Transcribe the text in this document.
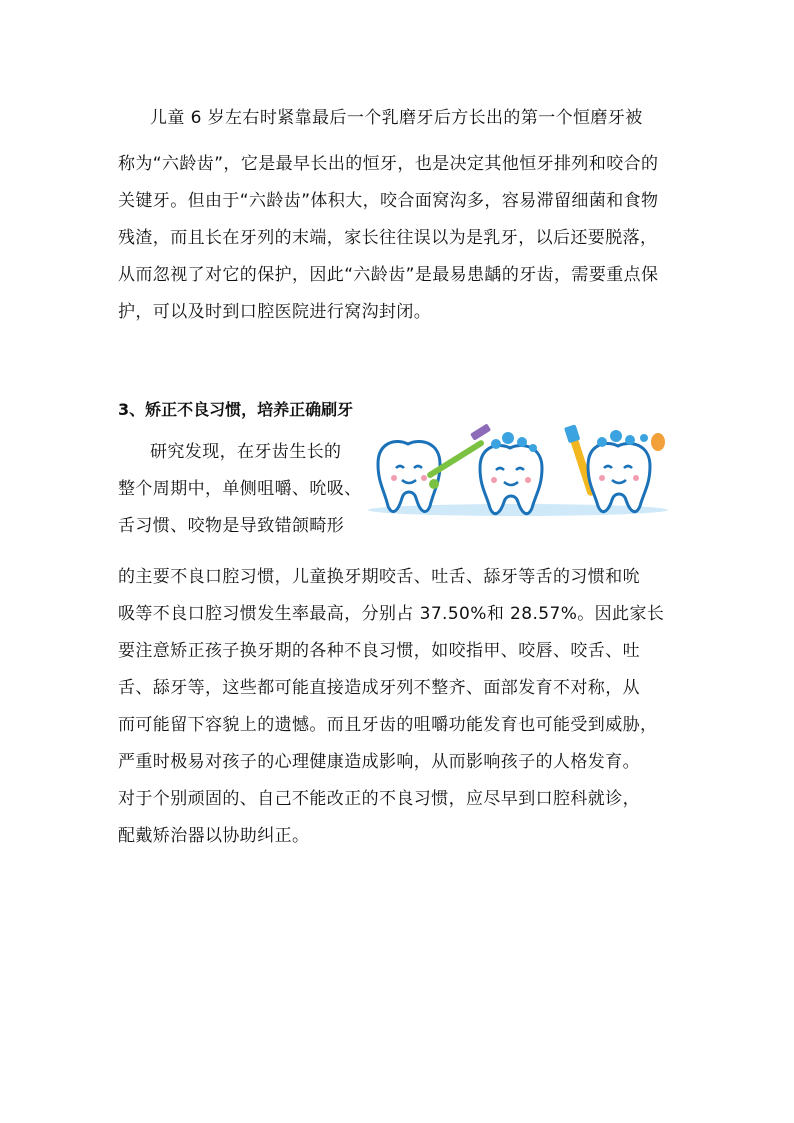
儿童 6 岁左右时紧靠最后一个乳磨牙后方长出的第一个恒磨牙被
称为“六龄齿”，它是最早长出的恒牙，也是决定其他恒牙排列和咬合的
关键牙。但由于“六龄齿”体积大，咬合面窝沟多，容易滞留细菌和食物
残渣，而且长在牙列的末端，家长往往误以为是乳牙，以后还要脱落，
从而忽视了对它的保护，因此“六龄齿”是最易患龋的牙齿，需要重点保
护，可以及时到口腔医院进行窝沟封闭。
3、矫正不良习惯，培养正确刷牙
研究发现，在牙齿生长的
整个周期中，单侧咀嚼、吮吸、
舌习惯、咬物是导致错颌畸形
的主要不良口腔习惯，儿童换牙期咬舌、吐舌、舔牙等舌的习惯和吮
吸等不良口腔习惯发生率最高，分别占 37.50%和 28.57%。因此家长
要注意矫正孩子换牙期的各种不良习惯，如咬指甲、咬唇、咬舌、吐
舌、舔牙等，这些都可能直接造成牙列不整齐、面部发育不对称，从
而可能留下容貌上的遗憾。而且牙齿的咀嚼功能发育也可能受到威胁，
严重时极易对孩子的心理健康造成影响，从而影响孩子的人格发育。
对于个别顽固的、自己不能改正的不良习惯，应尽早到口腔科就诊，
配戴矫治器以协助纠正。
